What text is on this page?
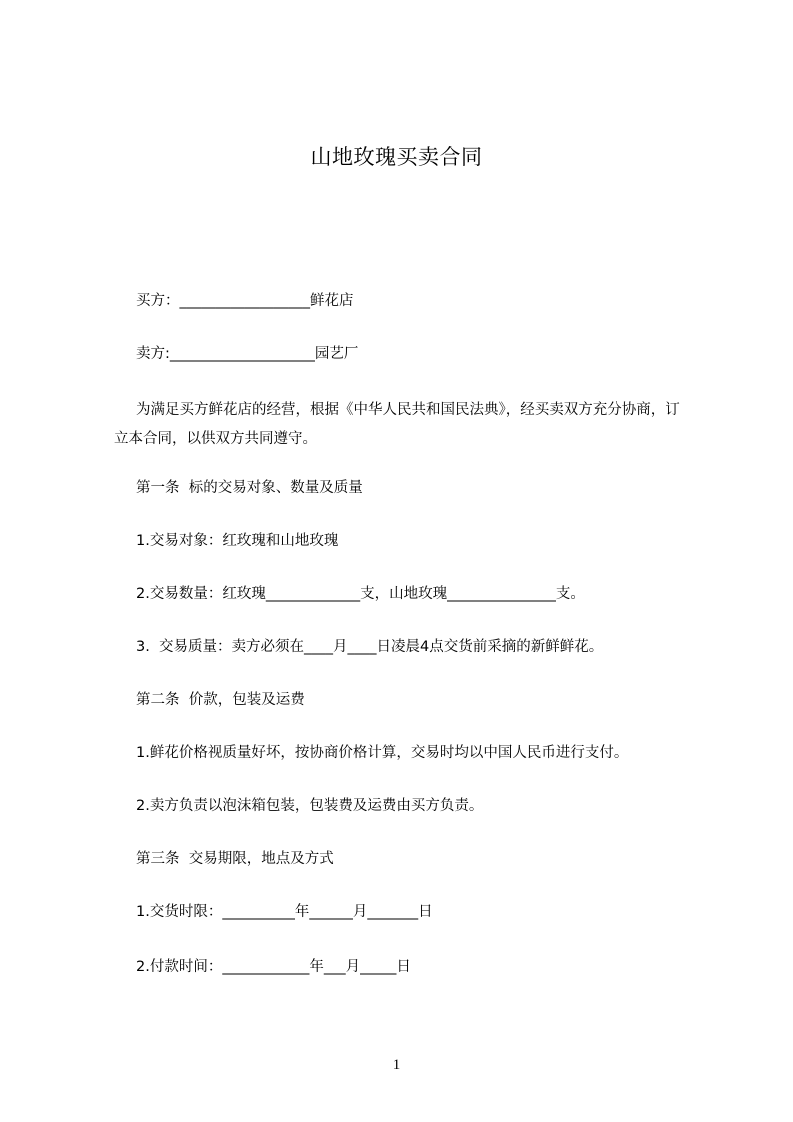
山地玫瑰买卖合同
买方：__________________鲜花店
卖方:____________________园艺厂
为满足买方鲜花店的经营，根据《中华人民共和国民法典》，经买卖双方充分协商，订立本合同，以供双方共同遵守。
第一条  标的交易对象、数量及质量
1.交易对象：红玫瑰和山地玫瑰
2.交易数量：红玫瑰_____________支，山地玫瑰_______________支。
3.  交易质量：卖方必须在____月____日凌晨4点交货前采摘的新鲜鲜花。
第二条  价款，包装及运费
1.鲜花价格视质量好坏，按协商价格计算，交易时均以中国人民币进行支付。
2.卖方负责以泡沫箱包装，包装费及运费由买方负责。
第三条  交易期限，地点及方式
1.交货时限：__________年______月_______日
2.付款时间：____________年___月_____日
1
